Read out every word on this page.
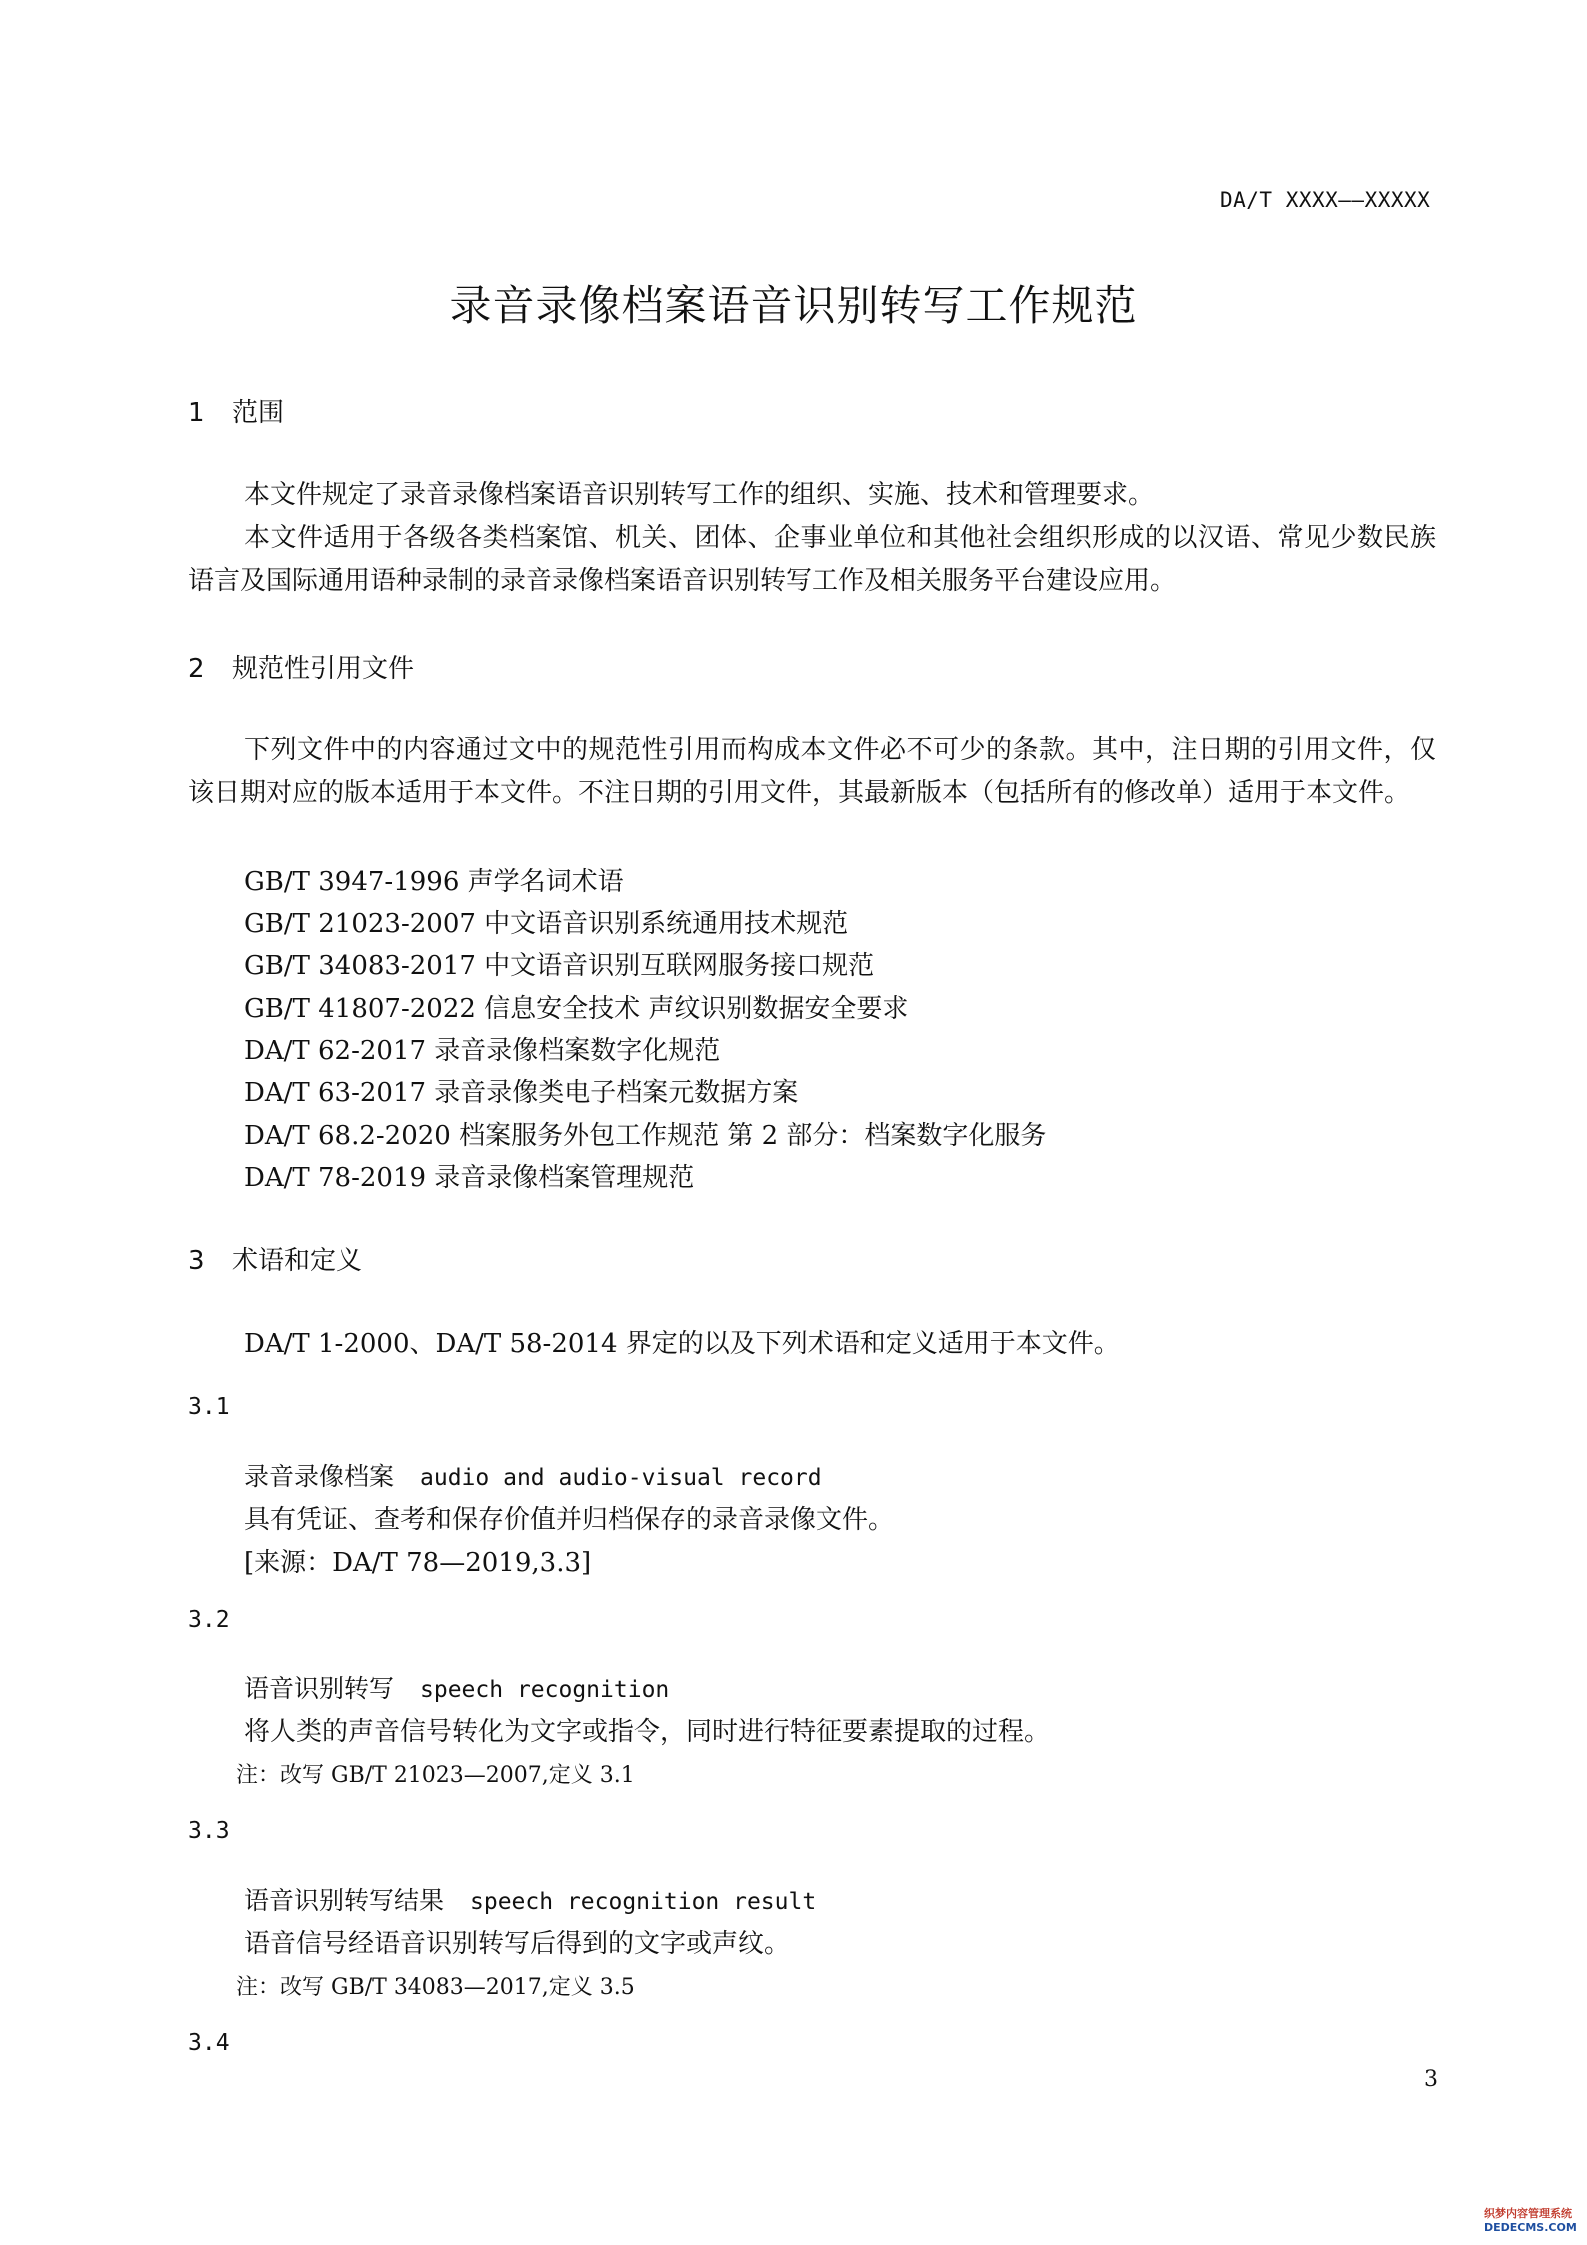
DA/T XXXX——XXXXX
录音录像档案语音识别转写工作规范
1 范围
本文件规定了录音录像档案语音识别转写工作的组织、实施、技术和管理要求。
本文件适用于各级各类档案馆、机关、团体、企事业单位和其他社会组织形成的以汉语、常见少数民族语言及国际通用语种录制的录音录像档案语音识别转写工作及相关服务平台建设应用。
2 规范性引用文件
下列文件中的内容通过文中的规范性引用而构成本文件必不可少的条款。其中，注日期的引用文件，仅该日期对应的版本适用于本文件。不注日期的引用文件，其最新版本（包括所有的修改单）适用于本文件。
GB/T 3947-1996 声学名词术语
GB/T 21023-2007 中文语音识别系统通用技术规范
GB/T 34083-2017 中文语音识别互联网服务接口规范
GB/T 41807-2022 信息安全技术 声纹识别数据安全要求
DA/T 62-2017 录音录像档案数字化规范
DA/T 63-2017 录音录像类电子档案元数据方案
DA/T 68.2-2020 档案服务外包工作规范 第 2 部分：档案数字化服务
DA/T 78-2019 录音录像档案管理规范
3 术语和定义
DA/T 1-2000、DA/T 58-2014 界定的以及下列术语和定义适用于本文件。
3.1
录音录像档案 audio and audio-visual record
具有凭证、查考和保存价值并归档保存的录音录像文件。
[来源：DA/T 78—2019,3.3]
3.2
语音识别转写 speech recognition
将人类的声音信号转化为文字或指令，同时进行特征要素提取的过程。
注：改写 GB/T 21023—2007,定义 3.1
3.3
语音识别转写结果 speech recognition result
语音信号经语音识别转写后得到的文字或声纹。
注：改写 GB/T 34083—2017,定义 3.5
3.4
3
织梦内容管理系统
DEDECMS.COM
